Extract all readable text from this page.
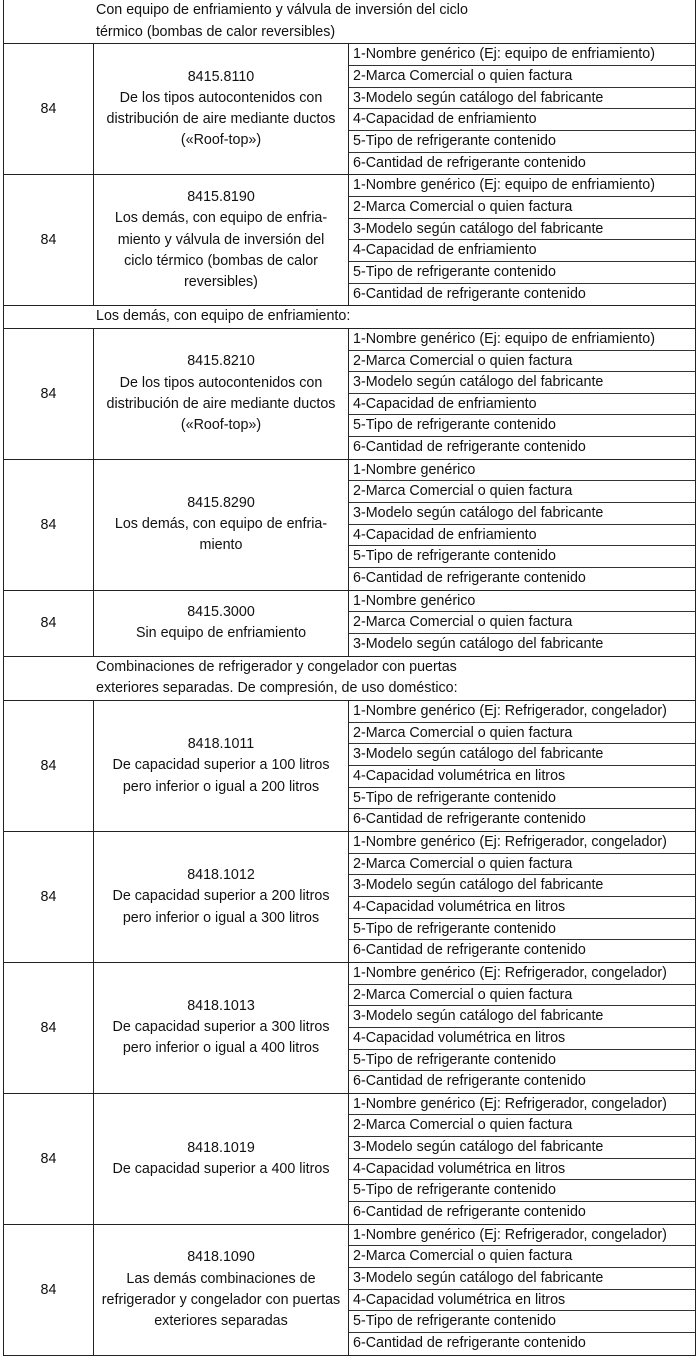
Con equipo de enfriamiento y válvula de inversión del ciclo
térmico (bombas de calor reversibles)
84
8415.8110
De los tipos autocontenidos con
distribución de aire mediante ductos
(«Roof-top»)
1-Nombre genérico (Ej: equipo de enfriamiento)
2-Marca Comercial o quien factura
3-Modelo según catálogo del fabricante
4-Capacidad de enfriamiento
5-Tipo de refrigerante contenido
6-Cantidad de refrigerante contenido
84
8415.8190
Los demás, con equipo de enfria-
miento y válvula de inversión del
ciclo térmico (bombas de calor
reversibles)
1-Nombre genérico (Ej: equipo de enfriamiento)
2-Marca Comercial o quien factura
3-Modelo según catálogo del fabricante
4-Capacidad de enfriamiento
5-Tipo de refrigerante contenido
6-Cantidad de refrigerante contenido
Los demás, con equipo de enfriamiento:
84
8415.8210
De los tipos autocontenidos con
distribución de aire mediante ductos
(«Roof-top»)
1-Nombre genérico (Ej: equipo de enfriamiento)
2-Marca Comercial o quien factura
3-Modelo según catálogo del fabricante
4-Capacidad de enfriamiento
5-Tipo de refrigerante contenido
6-Cantidad de refrigerante contenido
84
8415.8290
Los demás, con equipo de enfria-
miento
1-Nombre genérico
2-Marca Comercial o quien factura
3-Modelo según catálogo del fabricante
4-Capacidad de enfriamiento
5-Tipo de refrigerante contenido
6-Cantidad de refrigerante contenido
84
8415.3000
Sin equipo de enfriamiento
1-Nombre genérico
2-Marca Comercial o quien factura
3-Modelo según catálogo del fabricante
Combinaciones de refrigerador y congelador con puertas
exteriores separadas. De compresión, de uso doméstico:
84
8418.1011
De capacidad superior a 100 litros
pero inferior o igual a 200 litros
1-Nombre genérico (Ej: Refrigerador, congelador)
2-Marca Comercial o quien factura
3-Modelo según catálogo del fabricante
4-Capacidad volumétrica en litros
5-Tipo de refrigerante contenido
6-Cantidad de refrigerante contenido
84
8418.1012
De capacidad superior a 200 litros
pero inferior o igual a 300 litros
1-Nombre genérico (Ej: Refrigerador, congelador)
2-Marca Comercial o quien factura
3-Modelo según catálogo del fabricante
4-Capacidad volumétrica en litros
5-Tipo de refrigerante contenido
6-Cantidad de refrigerante contenido
84
8418.1013
De capacidad superior a 300 litros
pero inferior o igual a 400 litros
1-Nombre genérico (Ej: Refrigerador, congelador)
2-Marca Comercial o quien factura
3-Modelo según catálogo del fabricante
4-Capacidad volumétrica en litros
5-Tipo de refrigerante contenido
6-Cantidad de refrigerante contenido
84
8418.1019
De capacidad superior a 400 litros
1-Nombre genérico (Ej: Refrigerador, congelador)
2-Marca Comercial o quien factura
3-Modelo según catálogo del fabricante
4-Capacidad volumétrica en litros
5-Tipo de refrigerante contenido
6-Cantidad de refrigerante contenido
84
8418.1090
Las demás combinaciones de
refrigerador y congelador con puertas
exteriores separadas
1-Nombre genérico (Ej: Refrigerador, congelador)
2-Marca Comercial o quien factura
3-Modelo según catálogo del fabricante
4-Capacidad volumétrica en litros
5-Tipo de refrigerante contenido
6-Cantidad de refrigerante contenido
